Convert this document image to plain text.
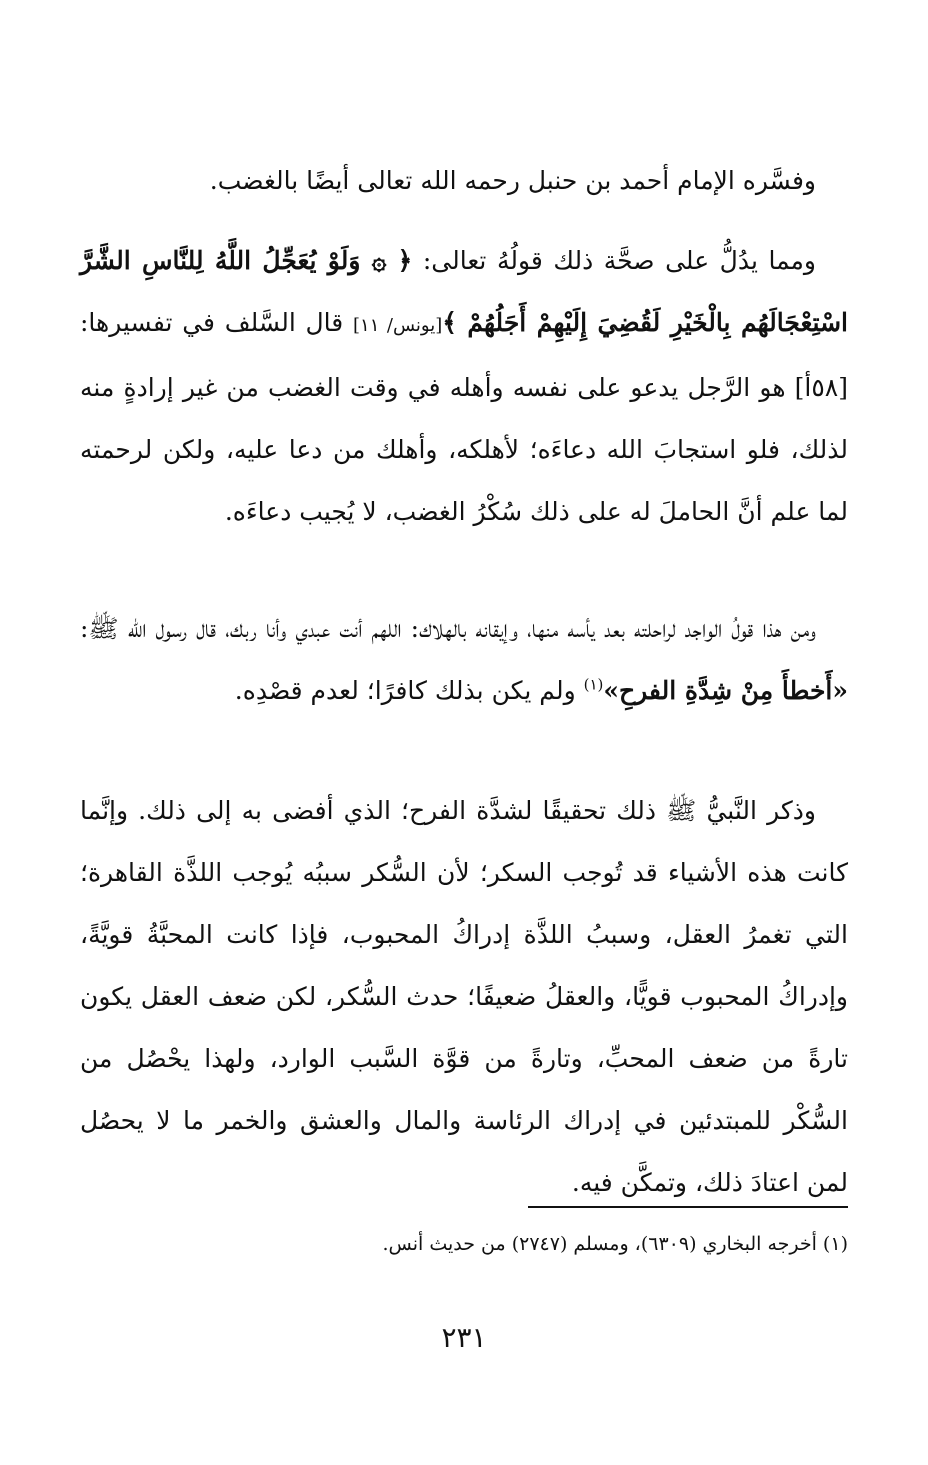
وفسَّره الإمام أحمد بن حنبل رحمه الله تعالى أيضًا بالغضب.

ومما يدُلُّ على صحَّة ذلك قولُهُ تعالى: ﴿ ۞ وَلَوْ يُعَجِّلُ اللَّهُ لِلنَّاسِ الشَّرَّ اسْتِعْجَالَهُم بِالْخَيْرِ لَقُضِيَ إِلَيْهِمْ أَجَلُهُمْ ﴾[يونس/ ١١] قال السَّلف في تفسيرها: [٥٨أ] هو الرَّجل يدعو على نفسه وأهله في وقت الغضب من غير إرادةٍ منه لذلك، فلو استجابَ الله دعاءَه؛ لأهلكه، وأهلك من دعا عليه، ولكن لرحمته لما علم أنَّ الحاملَ له على ذلك سُكْرُ الغضب، لا يُجيب دعاءَه.

ومن هذا قولُ الواجد لراحلته بعد يأسه منها، وإيقانه بالهلاك: اللهم أنت عبدي وأنا ربك، قال رسول الله ﷺ: «أَخطأَ مِنْ شِدَّةِ الفرحِ»$^{(١)}$ ولم يكن بذلك كافرًا؛ لعدم قصْدِه.

وذكر النَّبيُّ ﷺ ذلك تحقيقًا لشدَّة الفرح؛ الذي أفضى به إلى ذلك. وإنَّما كانت هذه الأشياء قد تُوجب السكر؛ لأن السُّكر سببُه يُوجب اللذَّة القاهرة؛ التي تغمرُ العقل، وسببُ اللذَّة إدراكُ المحبوب، فإذا كانت المحبَّةُ قويَّةً، وإدراكُ المحبوب قويًّا، والعقلُ ضعيفًا؛ حدث السُّكر، لكن ضعف العقل يكون تارةً من ضعف المحبِّ، وتارةً من قوَّة السَّبب الوارد، ولهذا يحْصُل من السُّكْر للمبتدئين في إدراك الرئاسة والمال والعشق والخمر ما لا يحصُل لمن اعتادَ ذلك، وتمكَّن فيه.

(١) أخرجه البخاري (٦٣٠٩)، ومسلم (٢٧٤٧) من حديث أنس.
٢٣١
